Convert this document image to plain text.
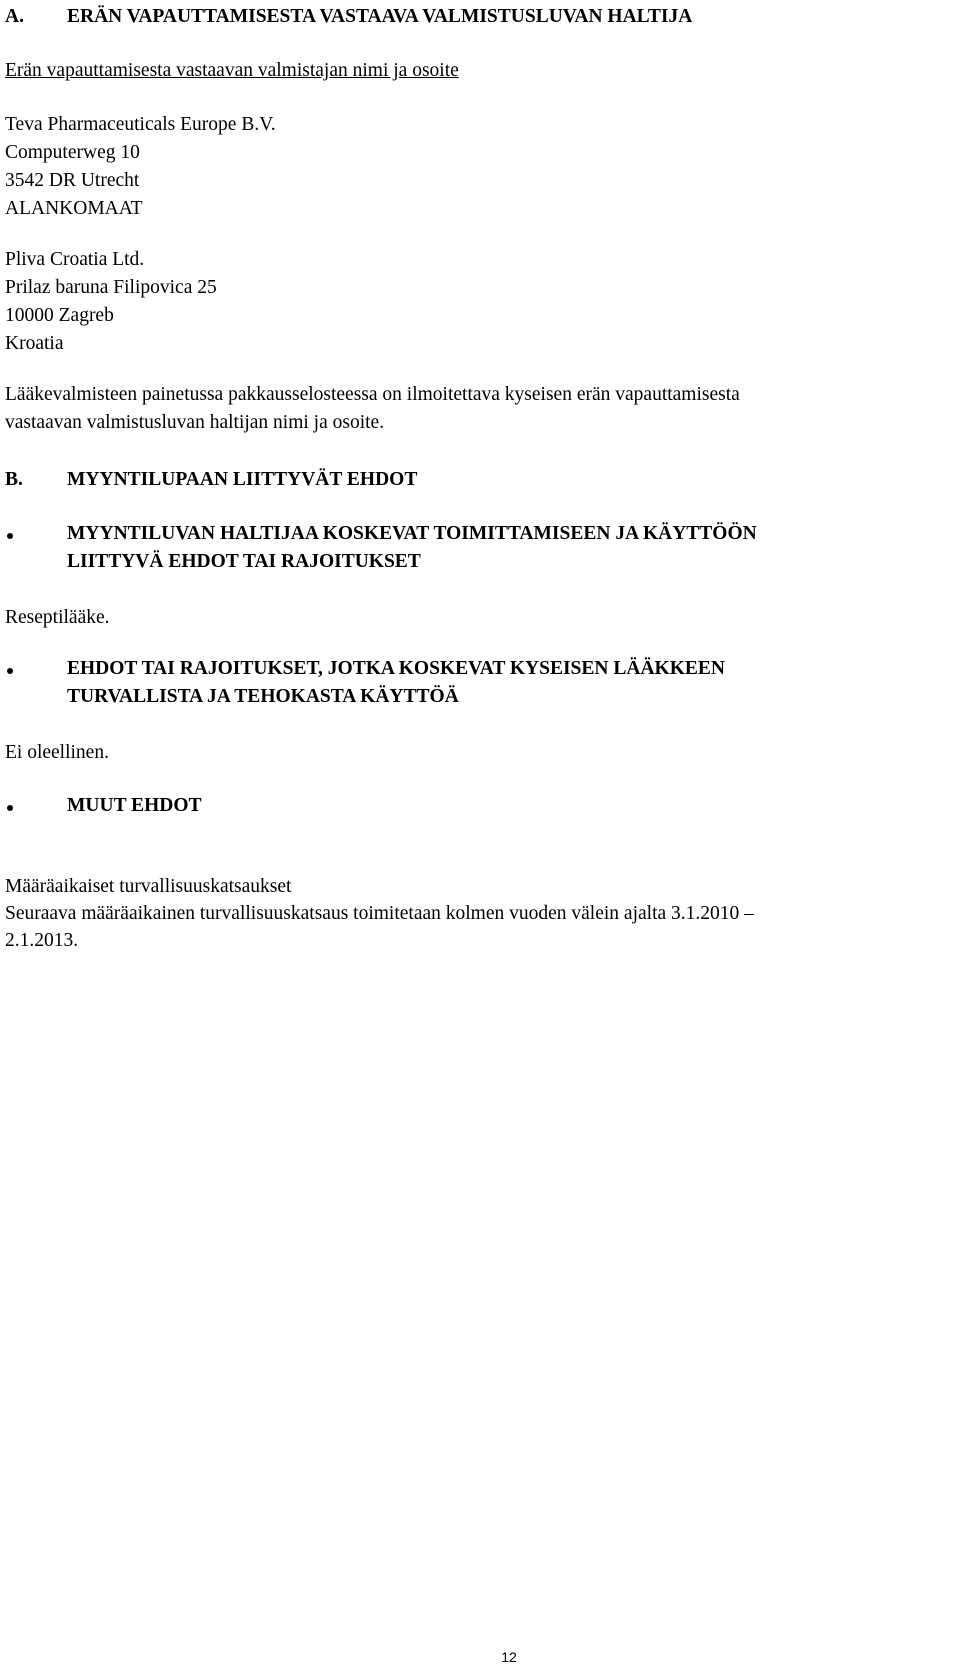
A.	ERÄN VAPAUTTAMISESTA VASTAAVA VALMISTUSLUVAN HALTIJA
Erän vapauttamisesta vastaavan valmistajan nimi ja osoite
Teva Pharmaceuticals Europe B.V.
Computerweg 10
3542 DR Utrecht
ALANKOMAAT
Pliva Croatia Ltd.
Prilaz baruna Filipovica 25
10000 Zagreb
Kroatia
Lääkevalmisteen painetussa pakkausselosteessa on ilmoitettava kyseisen erän vapauttamisesta
vastaavan valmistusluvan haltijan nimi ja osoite.
B.	MYYNTILUPAAN LIITTYVÄT EHDOT
MYYNTILUVAN HALTIJAA KOSKEVAT TOIMITTAMISEEN JA KÄYTTÖÖN
LIITTYVÄ EHDOT TAI RAJOITUKSET
Reseptilääke.
EHDOT TAI RAJOITUKSET, JOTKA KOSKEVAT KYSEISEN LÄÄKKEEN
TURVALLISTA JA TEHOKASTA KÄYTTÖÄ
Ei oleellinen.
MUUT EHDOT
Määräaikaiset turvallisuuskatsaukset
Seuraava määräaikainen turvallisuuskatsaus toimitetaan kolmen vuoden välein ajalta 3.1.2010 –
2.1.2013.
12
